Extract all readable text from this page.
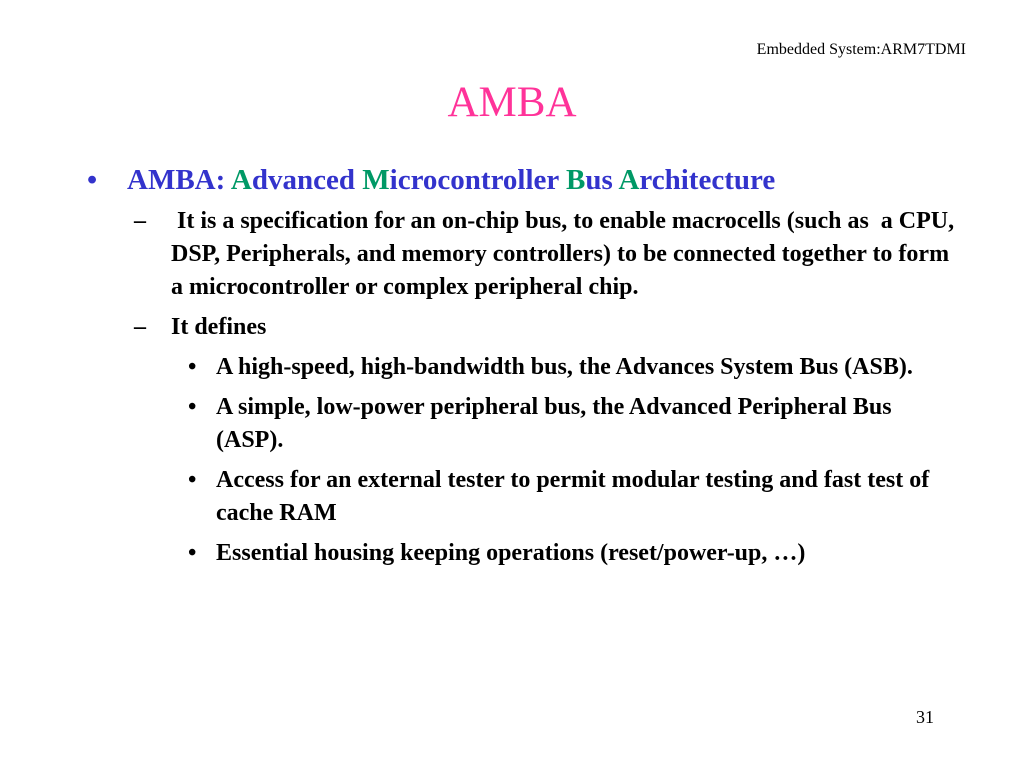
Embedded System:ARM7TDMI
AMBA
•	AMBA: Advanced Microcontroller Bus Architecture
–	It is a specification for an on-chip bus, to enable macrocells (such as  a CPU, DSP, Peripherals, and memory controllers) to be connected together to form a microcontroller or complex peripheral chip.
–	It defines
• A high-speed, high-bandwidth bus, the Advances System Bus (ASB).
• A simple, low-power peripheral bus, the Advanced Peripheral Bus (ASP).
• Access for an external tester to permit modular testing and fast test of cache RAM
• Essential housing keeping operations (reset/power-up, …)
31
